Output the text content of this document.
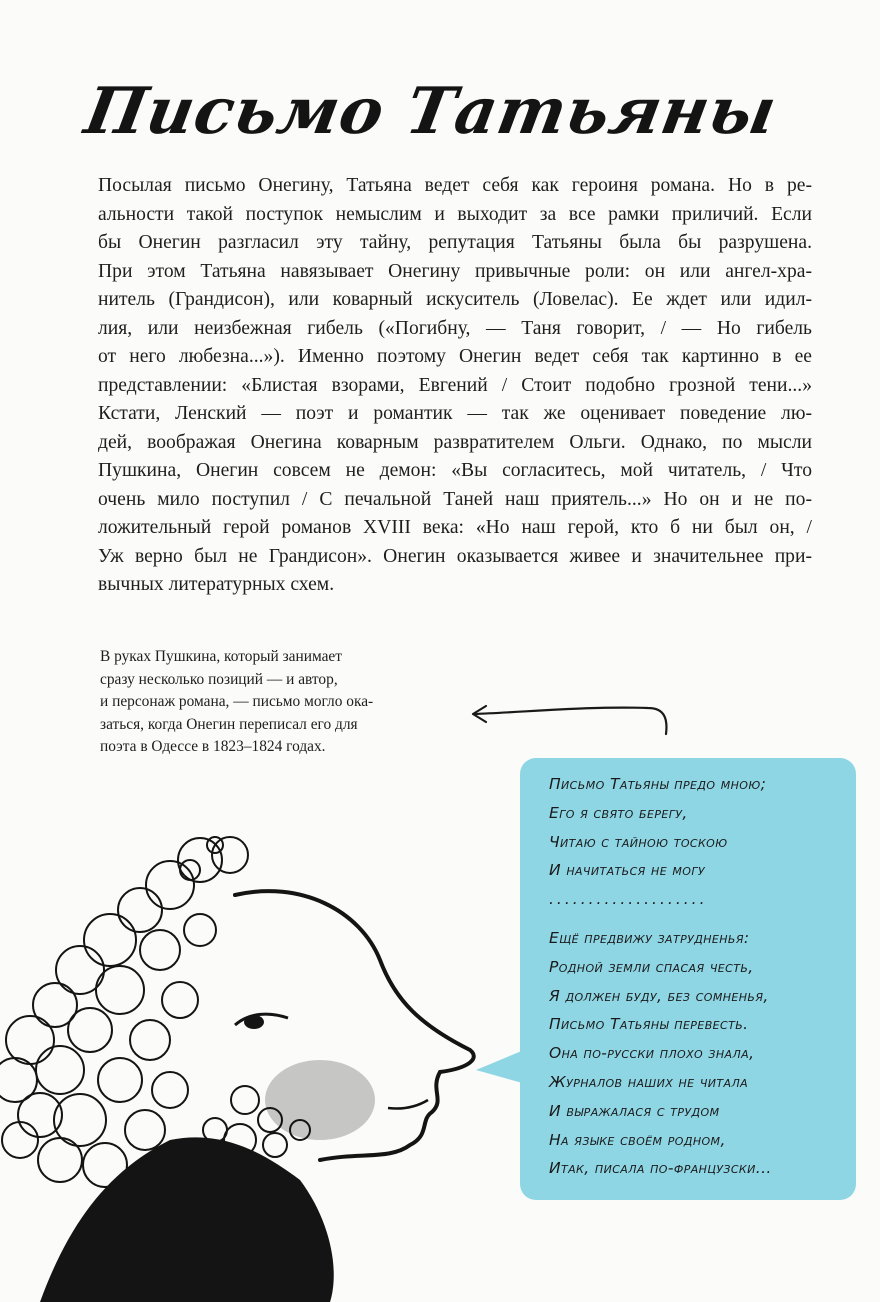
Письмо Татьяны
Посылая письмо Онегину, Татьяна ведет себя как героиня романа. Но в ре-
альности такой поступок немыслим и выходит за все рамки приличий. Если
бы Онегин разгласил эту тайну, репутация Татьяны была бы разрушена.
При этом Татьяна навязывает Онегину привычные роли: он или ангел-хра-
нитель (Грандисон), или коварный искуситель (Ловелас). Ее ждет или идил-
лия, или неизбежная гибель («Погибну, — Таня говорит, / — Но гибель
от него любезна...»). Именно поэтому Онегин ведет себя так картинно в ее
представлении: «Блистая взорами, Евгений / Стоит подобно грозной тени...»
Кстати, Ленский — поэт и романтик — так же оценивает поведение лю-
дей, воображая Онегина коварным развратителем Ольги. Однако, по мысли
Пушкина, Онегин совсем не демон: «Вы согласитесь, мой читатель, / Что
очень мило поступил / С печальной Таней наш приятель...» Но он и не по-
ложительный герой романов XVIII века: «Но наш герой, кто б ни был он, /
Уж верно был не Грандисон». Онегин оказывается живее и значительнее при-
вычных литературных схем.
В руках Пушкина, который занимает
сразу несколько позиций — и автор,
и персонаж романа, — письмо могло ока-
заться, когда Онегин переписал его для
поэта в Одессе в 1823–1824 годах.
Письмо Татьяны предо мною;
Его я свято берегу,
Читаю с тайною тоскою
И начитаться не могу
....................
Ещё предвижу затрудненья:
Родной земли спасая честь,
Я должен буду, без сомненья,
Письмо Татьяны перевесть.
Она по-русски плохо знала,
Журналов наших не читала
И выражалася с трудом
На языке своём родном,
Итак, писала по-французски...
